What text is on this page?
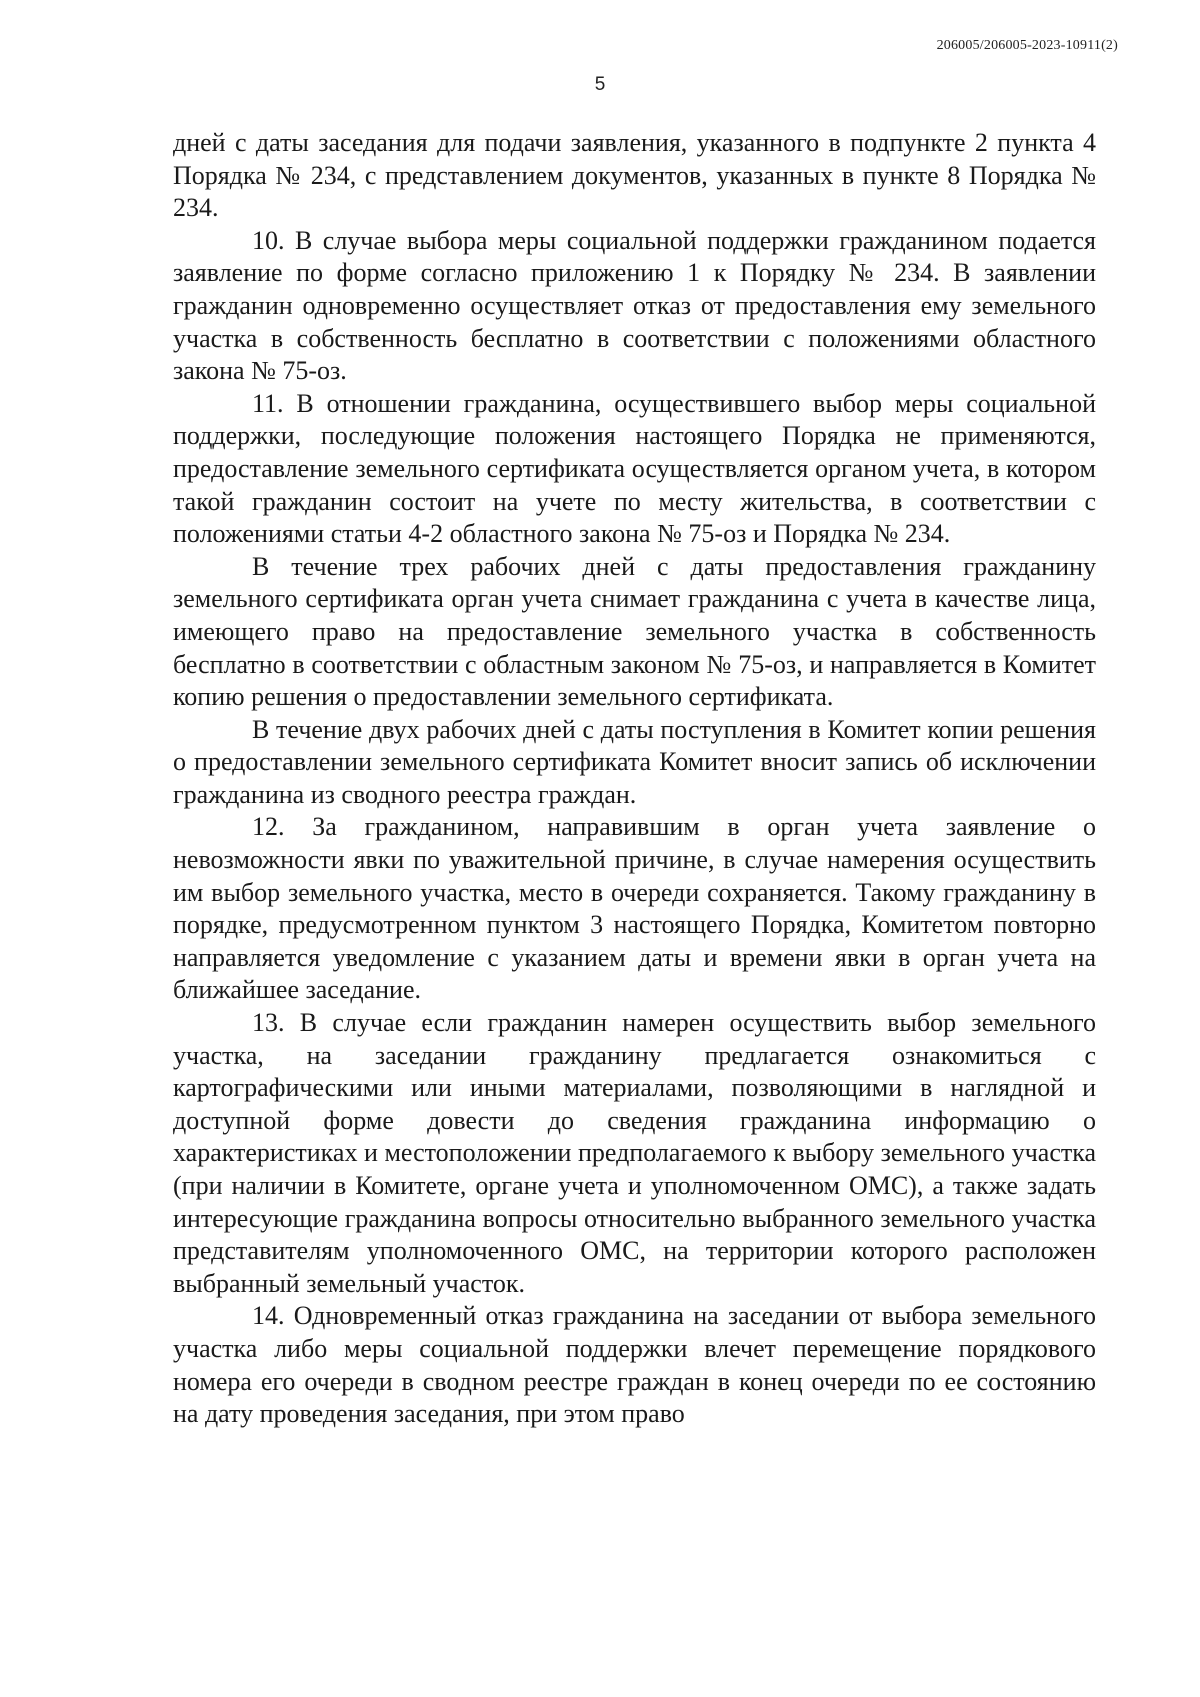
206005/206005-2023-10911(2)
5

дней с даты заседания для подачи заявления, указанного в подпункте 2 пункта 4 Порядка № 234, с представлением документов, указанных в пункте 8 Порядка № 234.

10. В случае выбора меры социальной поддержки гражданином подается заявление по форме согласно приложению 1 к Порядку № 234. В заявлении гражданин одновременно осуществляет отказ от предоставления ему земельного участка в собственность бесплатно в соответствии с положениями областного закона № 75-оз.

11. В отношении гражданина, осуществившего выбор меры социальной поддержки, последующие положения настоящего Порядка не применяются, предоставление земельного сертификата осуществляется органом учета, в котором такой гражданин состоит на учете по месту жительства, в соответствии с положениями статьи 4-2 областного закона № 75-оз и Порядка № 234.

В течение трех рабочих дней с даты предоставления гражданину земельного сертификата орган учета снимает гражданина с учета в качестве лица, имеющего право на предоставление земельного участка в собственность бесплатно в соответствии с областным законом № 75-оз, и направляется в Комитет копию решения о предоставлении земельного сертификата.

В течение двух рабочих дней с даты поступления в Комитет копии решения о предоставлении земельного сертификата Комитет вносит запись об исключении гражданина из сводного реестра граждан.

12. За гражданином, направившим в орган учета заявление о невозможности явки по уважительной причине, в случае намерения осуществить им выбор земельного участка, место в очереди сохраняется. Такому гражданину в порядке, предусмотренном пунктом 3 настоящего Порядка, Комитетом повторно направляется уведомление с указанием даты и времени явки в орган учета на ближайшее заседание.

13. В случае если гражданин намерен осуществить выбор земельного участка, на заседании гражданину предлагается ознакомиться с картографическими или иными материалами, позволяющими в наглядной и доступной форме довести до сведения гражданина информацию о характеристиках и местоположении предполагаемого к выбору земельного участка (при наличии в Комитете, органе учета и уполномоченном ОМС), а также задать интересующие гражданина вопросы относительно выбранного земельного участка представителям уполномоченного ОМС, на территории которого расположен выбранный земельный участок.

14. Одновременный отказ гражданина на заседании от выбора земельного участка либо меры социальной поддержки влечет перемещение порядкового номера его очереди в сводном реестре граждан в конец очереди по ее состоянию на дату проведения заседания, при этом право
